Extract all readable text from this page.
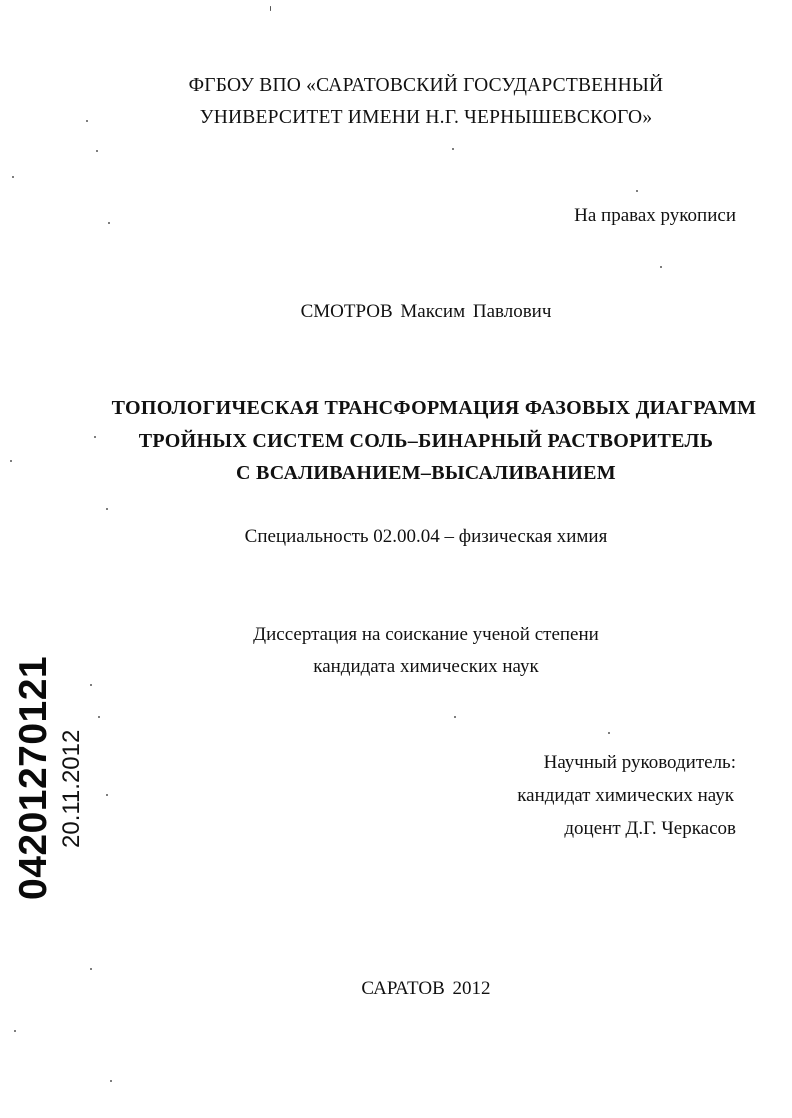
ФГБОУ ВПО «САРАТОВСКИЙ ГОСУДАРСТВЕННЫЙ
УНИВЕРСИТЕТ ИМЕНИ Н.Г. ЧЕРНЫШЕВСКОГО»
На правах рукописи
СМОТРОВ Максим Павлович
ТОПОЛОГИЧЕСКАЯ ТРАНСФОРМАЦИЯ ФАЗОВЫХ ДИАГРАММ
ТРОЙНЫХ СИСТЕМ СОЛЬ–БИНАРНЫЙ РАСТВОРИТЕЛЬ
С ВСАЛИВАНИЕМ–ВЫСАЛИВАНИЕМ
Специальность 02.00.04 – физическая химия
Диссертация на соискание ученой степени
кандидата химических наук
Научный руководитель:
кандидат химических наук
доцент Д.Г. Черкасов
САРАТОВ 2012
04201270121 20.11.2012
